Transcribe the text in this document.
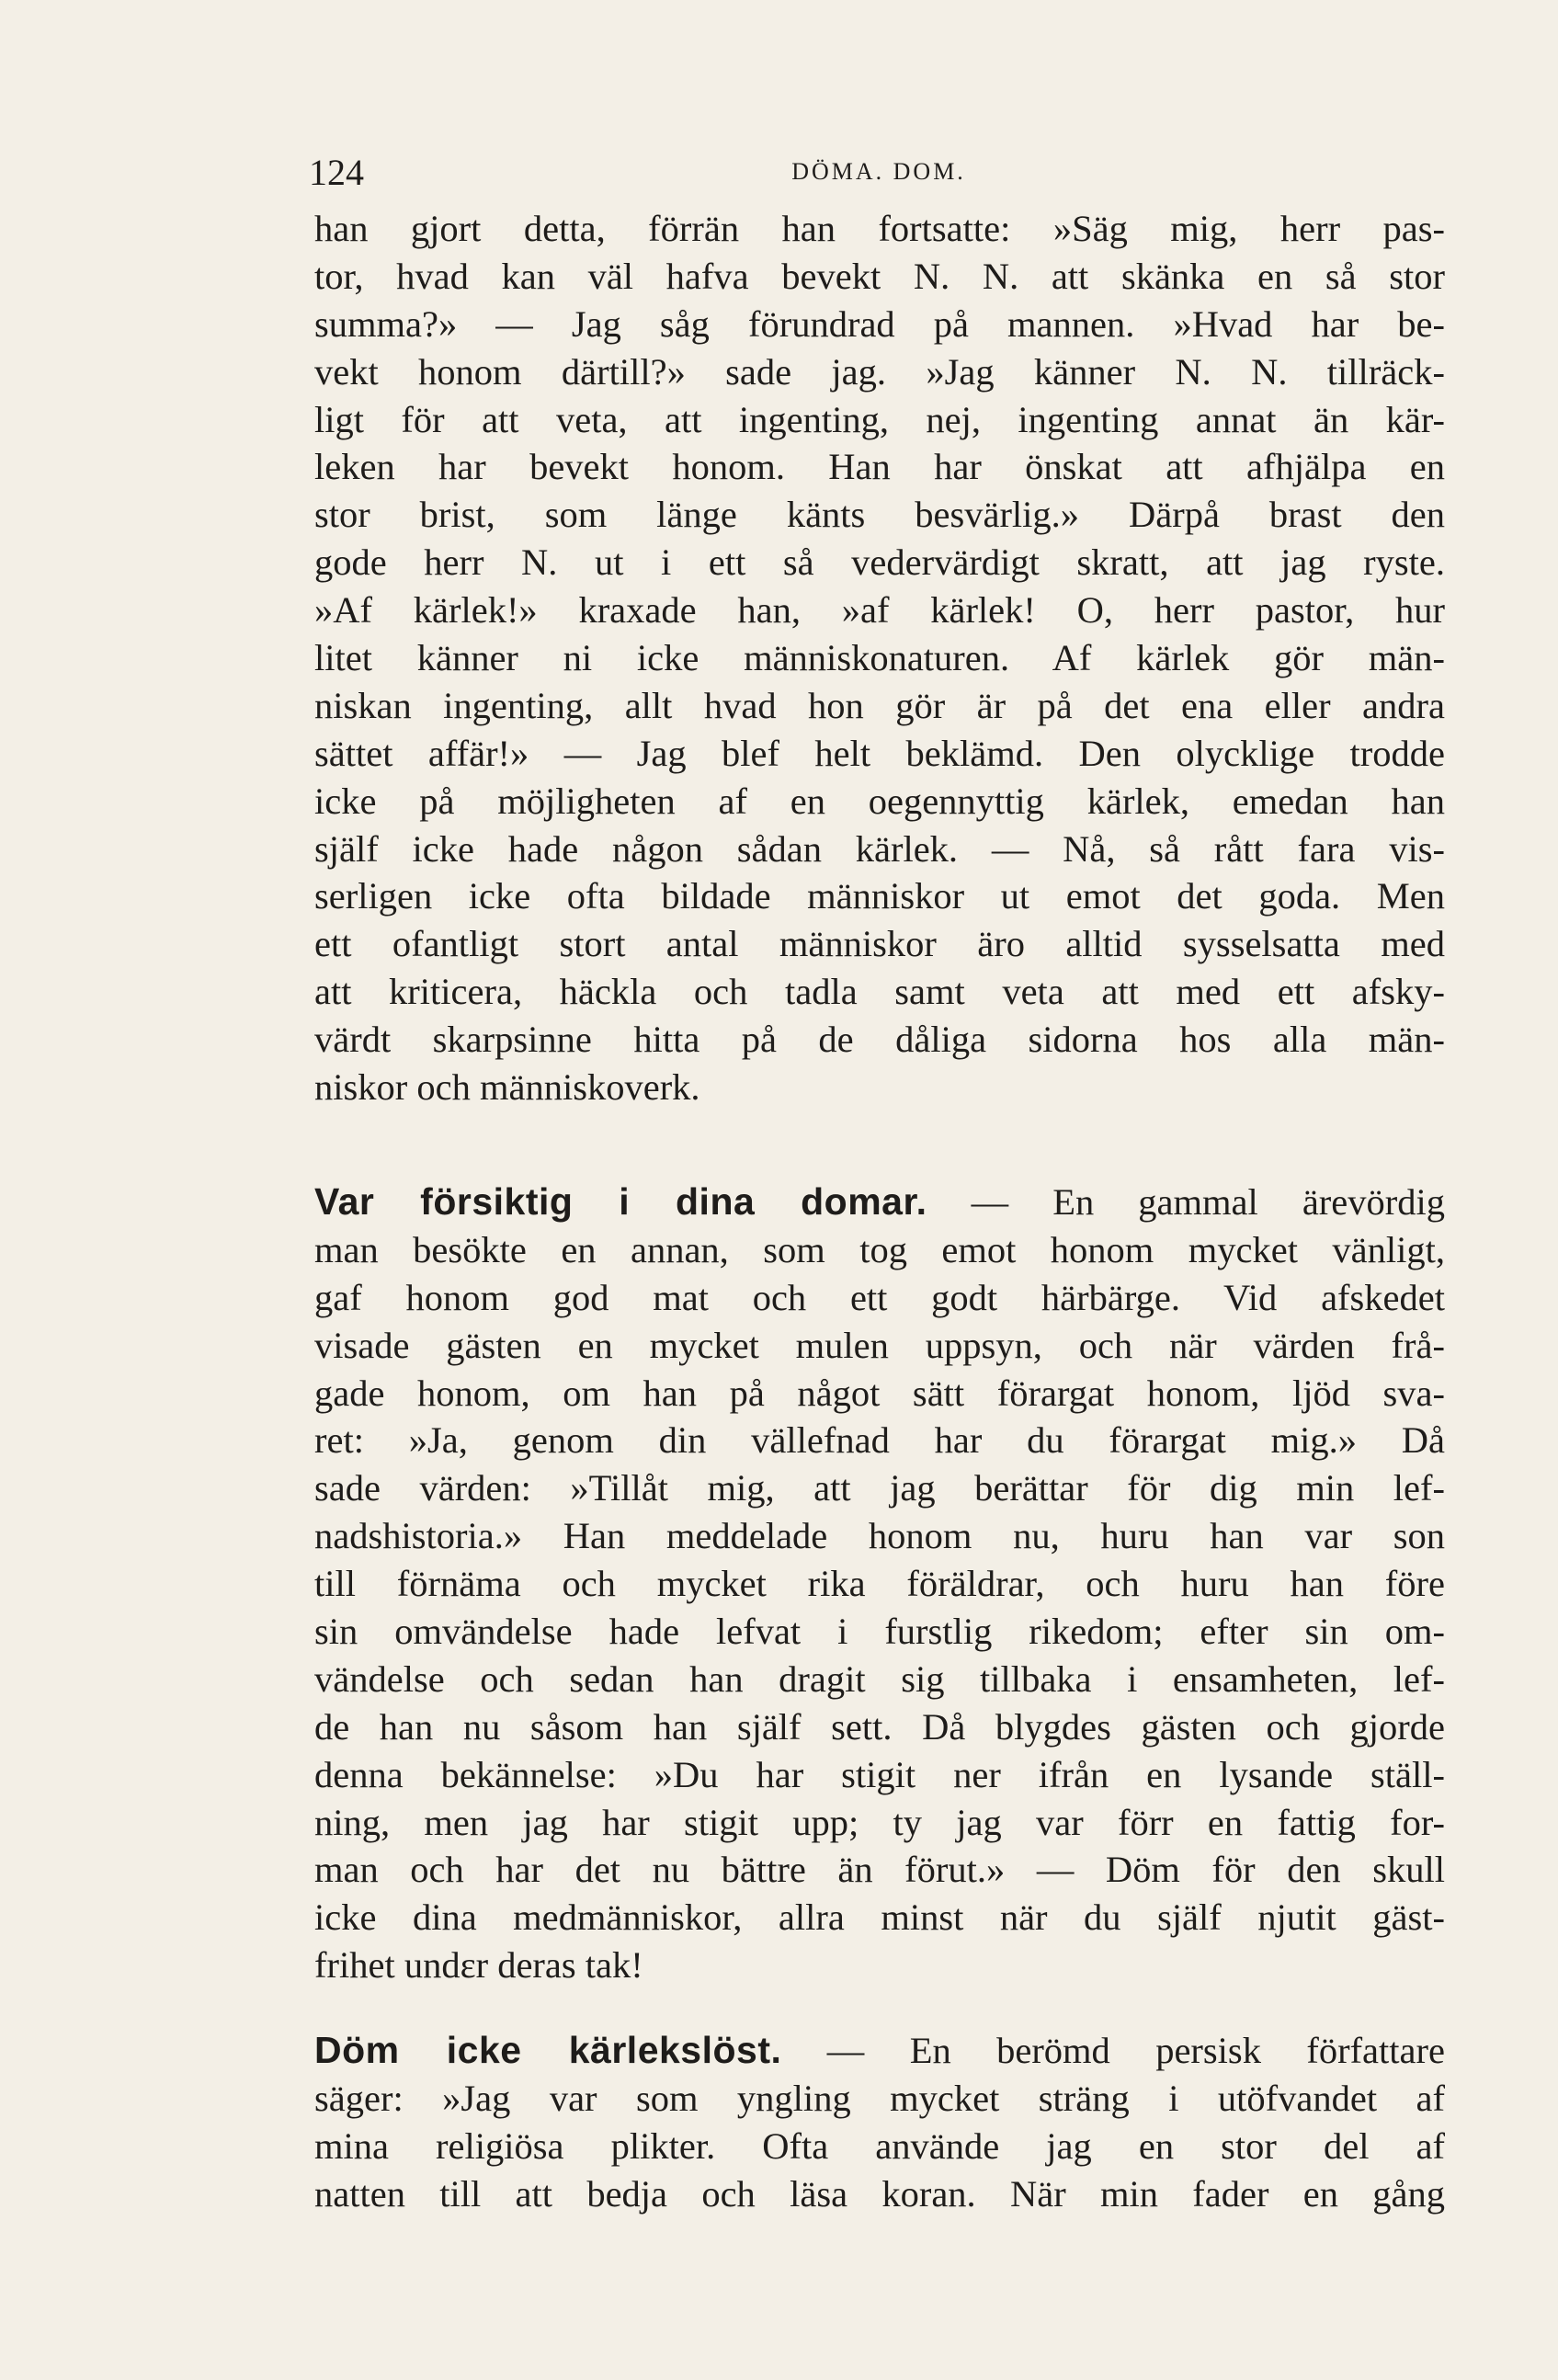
124	DÖMA. DOM.
han gjort detta, förrän han fortsatte: »Säg mig, herr pas-
tor, hvad kan väl hafva bevekt N. N. att skänka en så stor
summa?» — Jag såg förundrad på mannen. »Hvad har be-
vekt honom därtill?» sade jag. »Jag känner N. N. tillräck-
ligt för att veta, att ingenting, nej, ingenting annat än kär-
leken har bevekt honom. Han har önskat att afhjälpa en
stor brist, som länge känts besvärlig.» Därpå brast den
gode herr N. ut i ett så vedervärdigt skratt, att jag ryste.
»Af kärlek!» kraxade han, »af kärlek! O, herr pastor, hur
litet känner ni icke människonaturen. Af kärlek gör män-
niskan ingenting, allt hvad hon gör är på det ena eller andra
sättet affär!» — Jag blef helt beklämd. Den olycklige trodde
icke på möjligheten af en oegennyttig kärlek, emedan han
själf icke hade någon sådan kärlek. — Nå, så rått fara vis-
serligen icke ofta bildade människor ut emot det goda. Men
ett ofantligt stort antal människor äro alltid sysselsatta med
att kriticera, häckla och tadla samt veta att med ett afsky-
värdt skarpsinne hitta på de dåliga sidorna hos alla män-
niskor och människoverk.
Var försiktig i dina domar. — En gammal ärevördig
man besökte en annan, som tog emot honom mycket vänligt,
gaf honom god mat och ett godt härbärge. Vid afskedet
visade gästen en mycket mulen uppsyn, och när värden frå-
gade honom, om han på något sätt förargat honom, ljöd sva-
ret: »Ja, genom din vällefnad har du förargat mig.» Då
sade värden: »Tillåt mig, att jag berättar för dig min lef-
nadshistoria.» Han meddelade honom nu, huru han var son
till förnäma och mycket rika föräldrar, och huru han före
sin omvändelse hade lefvat i furstlig rikedom; efter sin om-
vändelse och sedan han dragit sig tillbaka i ensamheten, lef-
de han nu såsom han själf sett. Då blygdes gästen och gjorde
denna bekännelse: »Du har stigit ner ifrån en lysande ställ-
ning, men jag har stigit upp; ty jag var förr en fattig for-
man och har det nu bättre än förut.» — Döm för den skull
icke dina medmänniskor, allra minst när du själf njutit gäst-
frihet undεr deras tak!
Döm icke kärlekslöst. — En berömd persisk författare
säger: »Jag var som yngling mycket sträng i utöfvandet af
mina religiösa plikter. Ofta använde jag en stor del af
natten till att bedja och läsa koran. När min fader en gång
